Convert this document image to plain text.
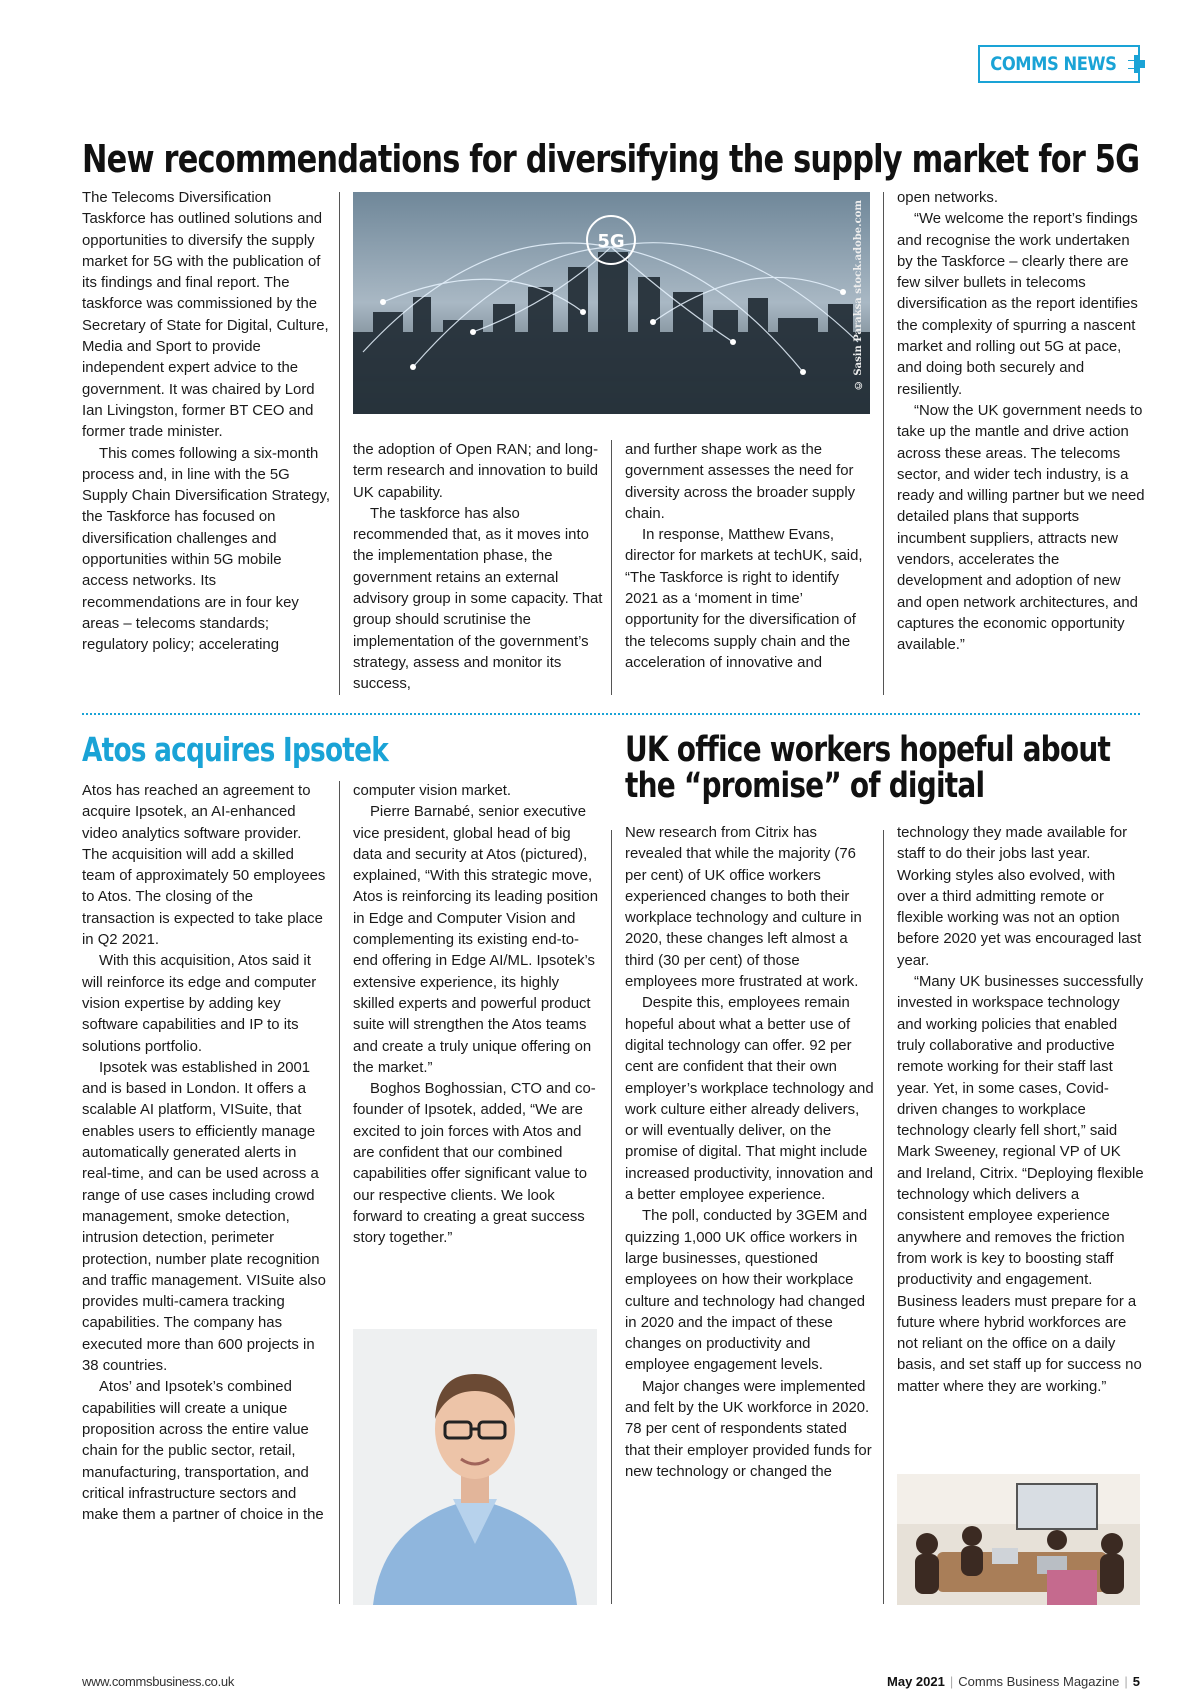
COMMS NEWS
New recommendations for diversifying the supply market for 5G

The Telecoms Diversification Taskforce has outlined solutions and opportunities to diversify the supply market for 5G with the publication of its findings and final report. The taskforce was commissioned by the Secretary of State for Digital, Culture, Media and Sport to provide independent expert advice to the government. It was chaired by Lord Ian Livingston, former BT CEO and former trade minister.

This comes following a six-month process and, in line with the 5G Supply Chain Diversification Strategy, the Taskforce has focused on diversification challenges and opportunities within 5G mobile access networks. Its recommendations are in four key areas – telecoms standards; regulatory policy; accelerating

5G	© Sasin Paraksa stock.adobe.com

the adoption of Open RAN; and long-term research and innovation to build UK capability.

The taskforce has also recommended that, as it moves into the implementation phase, the government retains an external advisory group in some capacity. That group should scrutinise the implementation of the government’s strategy, assess and monitor its success,

and further shape work as the government assesses the need for diversity across the broader supply chain.

In response, Matthew Evans, director for markets at techUK, said, “The Taskforce is right to identify 2021 as a ‘moment in time’ opportunity for the diversification of the telecoms supply chain and the acceleration of innovative and

open networks.

“We welcome the report’s findings and recognise the work undertaken by the Taskforce – clearly there are few silver bullets in telecoms diversification as the report identifies the complexity of spurring a nascent market and rolling out 5G at pace, and doing both securely and resiliently.

“Now the UK government needs to take up the mantle and drive action across these areas. The telecoms sector, and wider tech industry, is a ready and willing partner but we need detailed plans that supports incumbent suppliers, attracts new vendors, accelerates the development and adoption of new and open network architectures, and captures the economic opportunity available.”

Atos acquires Ipsotek

Atos has reached an agreement to acquire Ipsotek, an AI-enhanced video analytics software provider. The acquisition will add a skilled team of approximately 50 employees to Atos. The closing of the transaction is expected to take place in Q2 2021.

With this acquisition, Atos said it will reinforce its edge and computer vision expertise by adding key software capabilities and IP to its solutions portfolio.

Ipsotek was established in 2001 and is based in London. It offers a scalable AI platform, VISuite, that enables users to efficiently manage automatically generated alerts in real-time, and can be used across a range of use cases including crowd management, smoke detection, intrusion detection, perimeter protection, number plate recognition and traffic management. VISuite also provides multi-camera tracking capabilities. The company has executed more than 600 projects in 38 countries.

Atos’ and Ipsotek’s combined capabilities will create a unique proposition across the entire value chain for the public sector, retail, manufacturing, transportation, and critical infrastructure sectors and make them a partner of choice in the

computer vision market.

Pierre Barnabé, senior executive vice president, global head of big data and security at Atos (pictured), explained, “With this strategic move, Atos is reinforcing its leading position in Edge and Computer Vision and complementing its existing end-to-end offering in Edge AI/ML. Ipsotek’s extensive experience, its highly skilled experts and powerful product suite will strengthen the Atos teams and create a truly unique offering on the market.”

Boghos Boghossian, CTO and co-founder of Ipsotek, added, “We are excited to join forces with Atos and are confident that our combined capabilities offer significant value to our respective clients. We look forward to creating a great success story together.”

UK office workers hopeful about the “promise” of digital

New research from Citrix has revealed that while the majority (76 per cent) of UK office workers experienced changes to both their workplace technology and culture in 2020, these changes left almost a third (30 per cent) of those employees more frustrated at work.

Despite this, employees remain hopeful about what a better use of digital technology can offer. 92 per cent are confident that their own employer’s workplace technology and work culture either already delivers, or will eventually deliver, on the promise of digital. That might include increased productivity, innovation and a better employee experience.

The poll, conducted by 3GEM and quizzing 1,000 UK office workers in large businesses, questioned employees on how their workplace culture and technology had changed in 2020 and the impact of these changes on productivity and employee engagement levels.

Major changes were implemented and felt by the UK workforce in 2020. 78 per cent of respondents stated that their employer provided funds for new technology or changed the

technology they made available for staff to do their jobs last year. Working styles also evolved, with over a third admitting remote or flexible working was not an option before 2020 yet was encouraged last year.

“Many UK businesses successfully invested in workspace technology and working policies that enabled truly collaborative and productive remote working for their staff last year. Yet, in some cases, Covid-driven changes to workplace technology clearly fell short,” said Mark Sweeney, regional VP of UK and Ireland, Citrix. “Deploying flexible technology which delivers a consistent employee experience anywhere and removes the friction from work is key to boosting staff productivity and engagement. Business leaders must prepare for a future where hybrid workforces are not reliant on the office on a daily basis, and set staff up for success no matter where they are working.”

www.commsbusiness.co.uk	May 2021 | Comms Business Magazine | 5
